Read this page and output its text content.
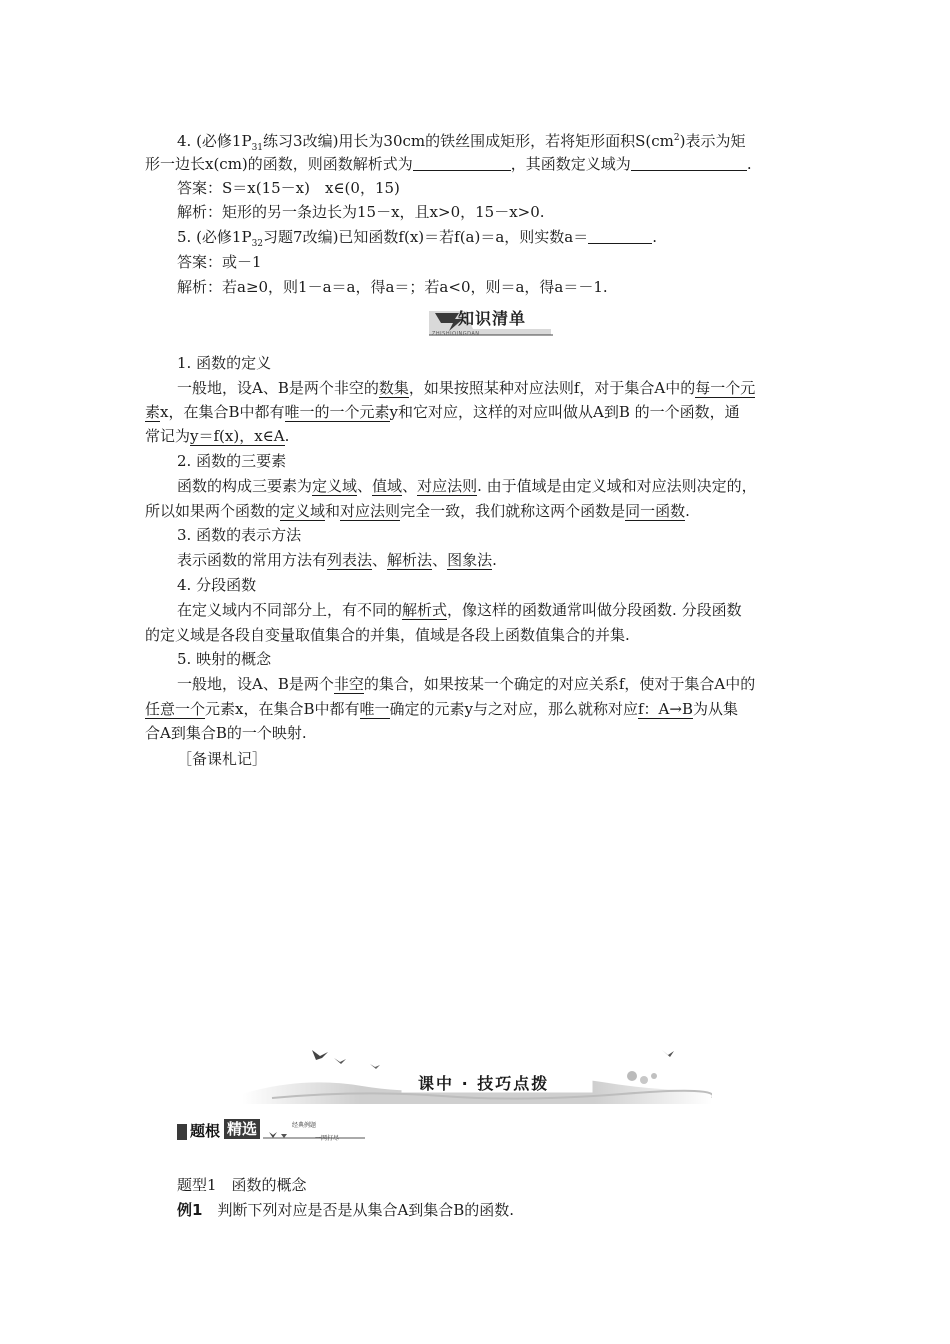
4. (必修$1P_{31}$练习3改编)用长为30cm的铁丝围成矩形，若将矩形面积$S(cm^2)$表示为矩
形一边长x(cm)的函数，则函数解析式为	，其函数定义域为	.
答案：S＝x(15－x)　x∈(0，15)
解析：矩形的另一条边长为15－x，且x>0，15－x>0.
5. (必修$1P_{32}$习题7改编)已知函数f(x)＝若f(a)＝a，则实数a＝	.
答案：或－1
解析：若a≥0，则1－a＝a，得a＝；若a<0，则＝a，得a＝－1.
知识清单
ZHISHIQINGDAN
1. 函数的定义
一般地，设A、B是两个非空的数集，如果按照某种对应法则f，对于集合A中的每一个元
素x，在集合B中都有唯一的一个元素y和它对应，这样的对应叫做从A到B 的一个函数，通
常记为y＝f(x)，x∈A.
2. 函数的三要素
函数的构成三要素为定义域、值域、对应法则. 由于值域是由定义域和对应法则决定的，
所以如果两个函数的定义域和对应法则完全一致，我们就称这两个函数是同一函数.
3. 函数的表示方法
表示函数的常用方法有列表法、解析法、图象法.
4. 分段函数
在定义域内不同部分上，有不同的解析式，像这样的函数通常叫做分段函数. 分段函数
的定义域是各段自变量取值集合的并集，值域是各段上函数值集合的并集.
5. 映射的概念
一般地，设A、B是两个非空的集合，如果按某一个确定的对应关系f，使对于集合A中的
任意一个元素x，在集合B中都有唯一确定的元素y与之对应，那么就称对应f：A→B为从集
合A到集合B的一个映射.
［备课札记］
课中 · 技巧点拨
题根 精选	经典例题
一网打尽
题型1　函数的概念
例1　判断下列对应是否是从集合A到集合B的函数.
